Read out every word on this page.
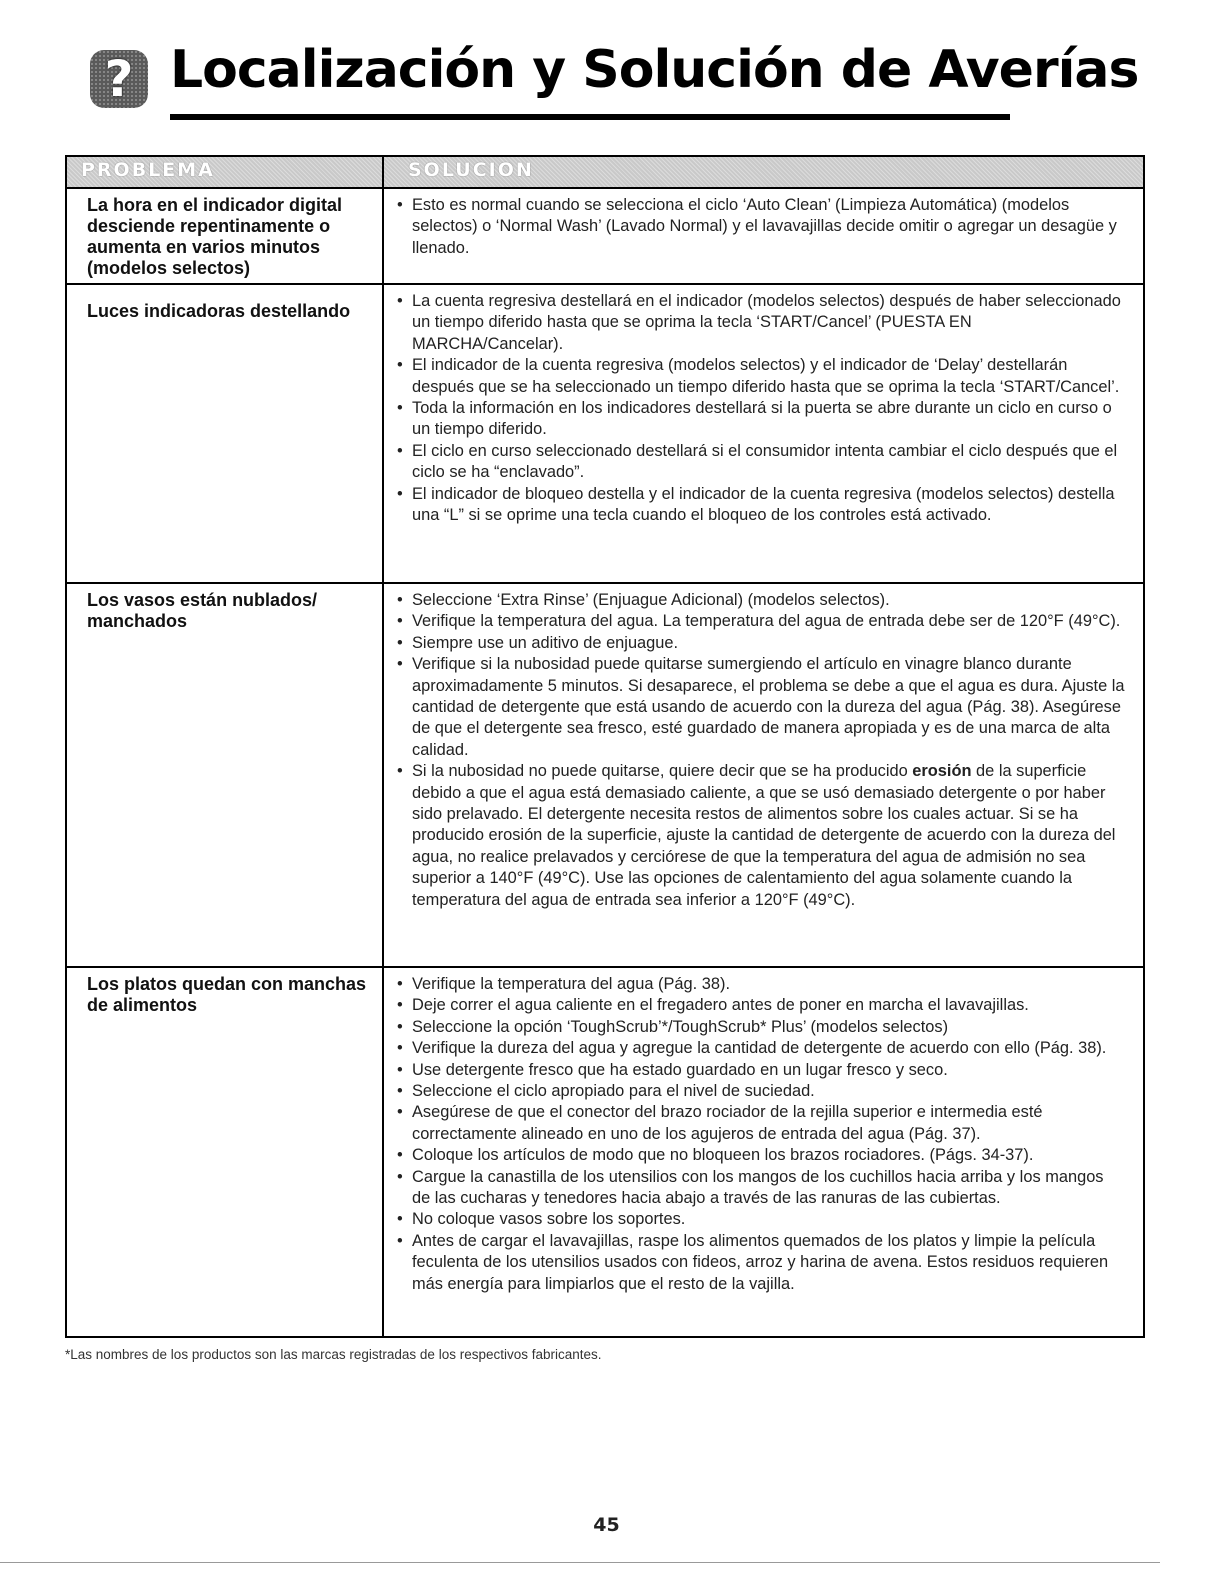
? Localización y Solución de Averías
PROBLEMA	SOLUCION
La hora en el indicador digital desciende repentinamente o aumenta en varios minutos (modelos selectos)
• Esto es normal cuando se selecciona el ciclo ‘Auto Clean’ (Limpieza Automática) (modelos selectos) o ‘Normal Wash’ (Lavado Normal) y el lavavajillas decide omitir o agregar un desagüe y llenado.
Luces indicadoras destellando
•	La cuenta regresiva destellará en el indicador (modelos selectos) después de haber seleccionado un tiempo diferido hasta que se oprima la tecla ‘START/Cancel’ (PUESTA EN MARCHA/Cancelar).
• El indicador de la cuenta regresiva (modelos selectos) y el indicador de ‘Delay’ destellarán después que se ha seleccionado un tiempo diferido hasta que se oprima la tecla ‘START/Cancel’.
• Toda la información en los indicadores destellará si la puerta se abre durante un ciclo en curso o un tiempo diferido.
• El ciclo en curso seleccionado destellará si el consumidor intenta cambiar el ciclo después que el ciclo se ha “enclavado”.
• El indicador de bloqueo destella y el indicador de la cuenta regresiva (modelos selectos) destella una “L” si se oprime una tecla cuando el bloqueo de los controles está activado.
Los vasos están nublados/ manchados
• Seleccione ‘Extra Rinse’ (Enjuague Adicional) (modelos selectos).
• Verifique la temperatura del agua. La temperatura del agua de entrada debe ser de 120°F (49°C).
• Siempre use un aditivo de enjuague.
• Verifique si la nubosidad puede quitarse sumergiendo el artículo en vinagre blanco durante aproximadamente 5 minutos. Si desaparece, el problema se debe a que el agua es dura. Ajuste la cantidad de detergente que está usando de acuerdo con la dureza del agua (Pág. 38). Asegúrese de que el detergente sea fresco, esté guardado de manera apropiada y es de una marca de alta calidad.
• Si la nubosidad no puede quitarse, quiere decir que se ha producido erosión de la superficie debido a que el agua está demasiado caliente, a que se usó demasiado detergente o por haber sido prelavado. El detergente necesita restos de alimentos sobre los cuales actuar. Si se ha producido erosión de la superficie, ajuste la cantidad de detergente de acuerdo con la dureza del agua, no realice prelavados y cerciórese de que la temperatura del agua de admisión no sea superior a 140°F (49°C). Use las opciones de calentamiento del agua solamente cuando la temperatura del agua de entrada sea inferior a 120°F (49°C).
Los platos quedan con manchas de alimentos
• Verifique la temperatura del agua (Pág. 38).
• Deje correr el agua caliente en el fregadero antes de poner en marcha el lavavajillas.
• Seleccione la opción ‘ToughScrub’*/ToughScrub* Plus’ (modelos selectos)
• Verifique la dureza del agua y agregue la cantidad de detergente de acuerdo con ello (Pág. 38).
• Use detergente fresco que ha estado guardado en un lugar fresco y seco.
• Seleccione el ciclo apropiado para el nivel de suciedad.
• Asegúrese de que el conector del brazo rociador de la rejilla superior e intermedia esté correctamente alineado en uno de los agujeros de entrada del agua (Pág. 37).
• Coloque los artículos de modo que no bloqueen los brazos rociadores. (Págs. 34-37).
• Cargue la canastilla de los utensilios con los mangos de los cuchillos hacia arriba y los mangos de las cucharas y tenedores hacia abajo a través de las ranuras de las cubiertas.
• No coloque vasos sobre los soportes.
• Antes de cargar el lavavajillas, raspe los alimentos quemados de los platos y limpie la película feculenta de los utensilios usados con fideos, arroz y harina de avena. Estos residuos requieren más energía para limpiarlos que el resto de la vajilla.
*Las nombres de los productos son las marcas registradas de los respectivos fabricantes.
45
